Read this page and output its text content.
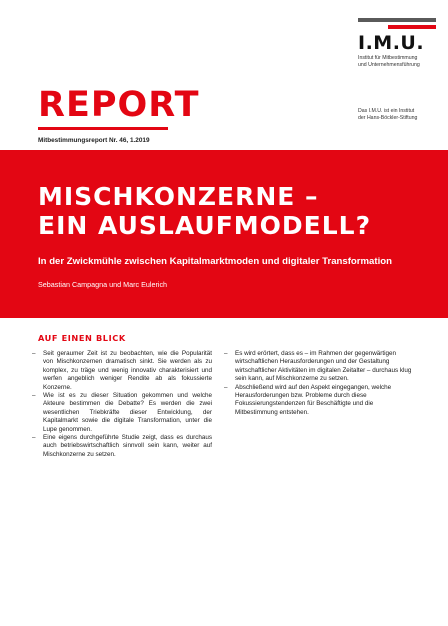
I.M.U.
Institut für Mitbestimmung
und Unternehmensführung
REPORT
Mitbestimmungsreport Nr. 46, 1.2019
Das I.M.U. ist ein Institut
der Hans-Böckler-Stiftung
MISCHKONZERNE –
EIN AUSLAUFMODELL?
In der Zwickmühle zwischen Kapitalmarktmoden und digitaler Transformation
Sebastian Campagna und Marc Eulerich
AUF EINEN BLICK
– Seit geraumer Zeit ist zu beobachten, wie die Popularität von Mischkonzernen dramatisch sinkt. Sie werden als zu komplex, zu träge und wenig innovativ charakterisiert und werfen angeblich weniger Rendite ab als fokussierte Konzerne.
– Wie ist es zu dieser Situation gekommen und welche Akteure bestimmen die Debatte? Es werden die zwei wesentlichen Triebkräfte dieser Entwicklung, der Kapitalmarkt sowie die digitale Transformation, unter die Lupe genommen.
– Eine eigens durchgeführte Studie zeigt, dass es durchaus auch betriebswirtschaftlich sinnvoll sein kann, weiter auf Mischkonzerne zu setzen.
– Es wird erörtert, dass es – im Rahmen der gegenwärtigen wirtschaftlichen Herausforderungen und der Gestaltung wirtschaftlicher Aktivitäten im digitalen Zeitalter – durchaus klug sein kann, auf Mischkonzerne zu setzen.
– Abschließend wird auf den Aspekt eingegangen, welche Herausforderungen bzw. Probleme durch diese Fokussierungstendenzen für Beschäftigte und die Mitbestimmung entstehen.
